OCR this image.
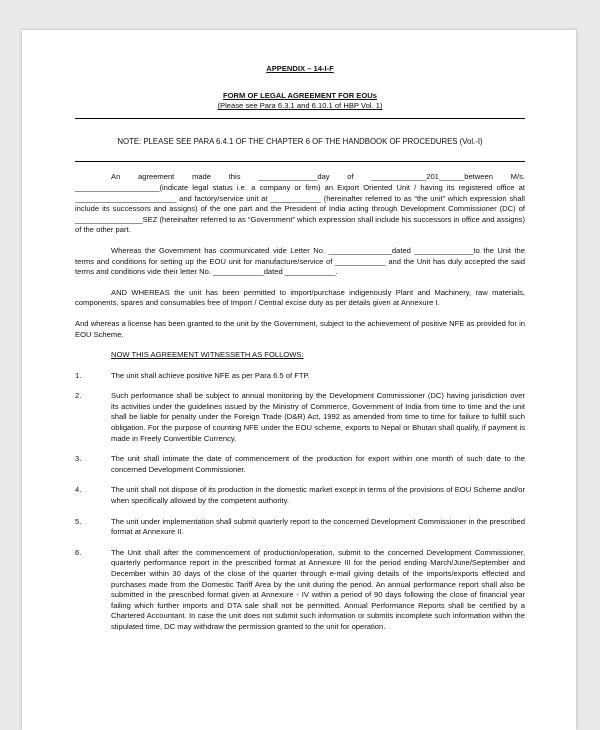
APPENDIX – 14-I-F
FORM OF LEGAL AGREEMENT FOR EOUs
(Please see Para 6.3.1 and 6.10.1 of HBP Vol. 1)
NOTE: PLEASE SEE PARA 6.4.1 OF THE CHAPTER 6 OF THE HANDBOOK OF PROCEDURES (Vol.-I)

An agreement made this ______________day of _____________201______between M/s. ____________________(indicate legal status i.e. a company or firm) an Export Oriented Unit / having its registered office at ________________________ and factory/service unit at ____________ (hereinafter referred to as “the unit” which expression shall include its successors and assigns) of the one part and the President of India acting through Development Commissioner (DC) of ________________SEZ (hereinafter referred to as “Government” which expression shall include his successors in office and assigns) of the other part.

Whereas the Government has communicated vide Letter No. _______________dated ______________to the Unit the terms and conditions for setting up the EOU unit for manufacture/service of ____________ and the Unit has duly accepted the said terms and conditions vide their letter No. ____________dated ____________.

AND WHEREAS the unit has been permitted to import/purchase indigenously Plant and Machinery, raw materials, components, spares and consumables free of Import / Central excise duty as per details given at Annexure I.

And whereas a license has been granted to the unit by the Government, subject to the achievement of positive NFE as provided for in EOU Scheme.

NOW THIS AGREEMENT WITNESSETH AS FOLLOWS:

1.	The unit shall achieve positive NFE as per Para 6.5 of FTP.
2.	Such performance shall be subject to annual monitoring by the Development Commissioner (DC) having jurisdiction over its activities under the guidelines issued by the Ministry of Commerce, Government of India from time to time and the unit shall be liable for penalty under the Foreign Trade (D&R) Act, 1992 as amended from time to time for failure to fulfill such obligation. For the purpose of counting NFE under the EOU scheme, exports to Nepal or Bhutan shall qualify, if payment is made in Freely Convertible Currency.
3.	The unit shall intimate the date of commencement of the production for export within one month of such date to the concerned Development Commissioner.
4.	The unit shall not dispose of its production in the domestic market except in terms of the provisions of EOU Scheme and/or when specifically allowed by the competent authority.
5.	The unit under implementation shall submit quarterly report to the concerned Development Commissioner in the prescribed format at Annexure II.
6.	The Unit shall after the commencement of production/operation, submit to the concerned Development Commissioner, quarterly performance report in the prescribed format at Annexure III for the period ending March/June/September and December within 30 days of the close of the quarter through e-mail giving details of the imports/exports effected and purchases made from the Domestic Tariff Area by the unit during the period. An annual performance report shall also be submitted in the prescribed format given at Annexure - IV within a period of 90 days following the close of financial year failing which further imports and DTA sale shall not be permitted. Annual Performance Reports shall be certified by a Chartered Accountant. In case the unit does not submit such information or submits incomplete such information within the stipulated time, DC may withdraw the permission granted to the unit for operation.
